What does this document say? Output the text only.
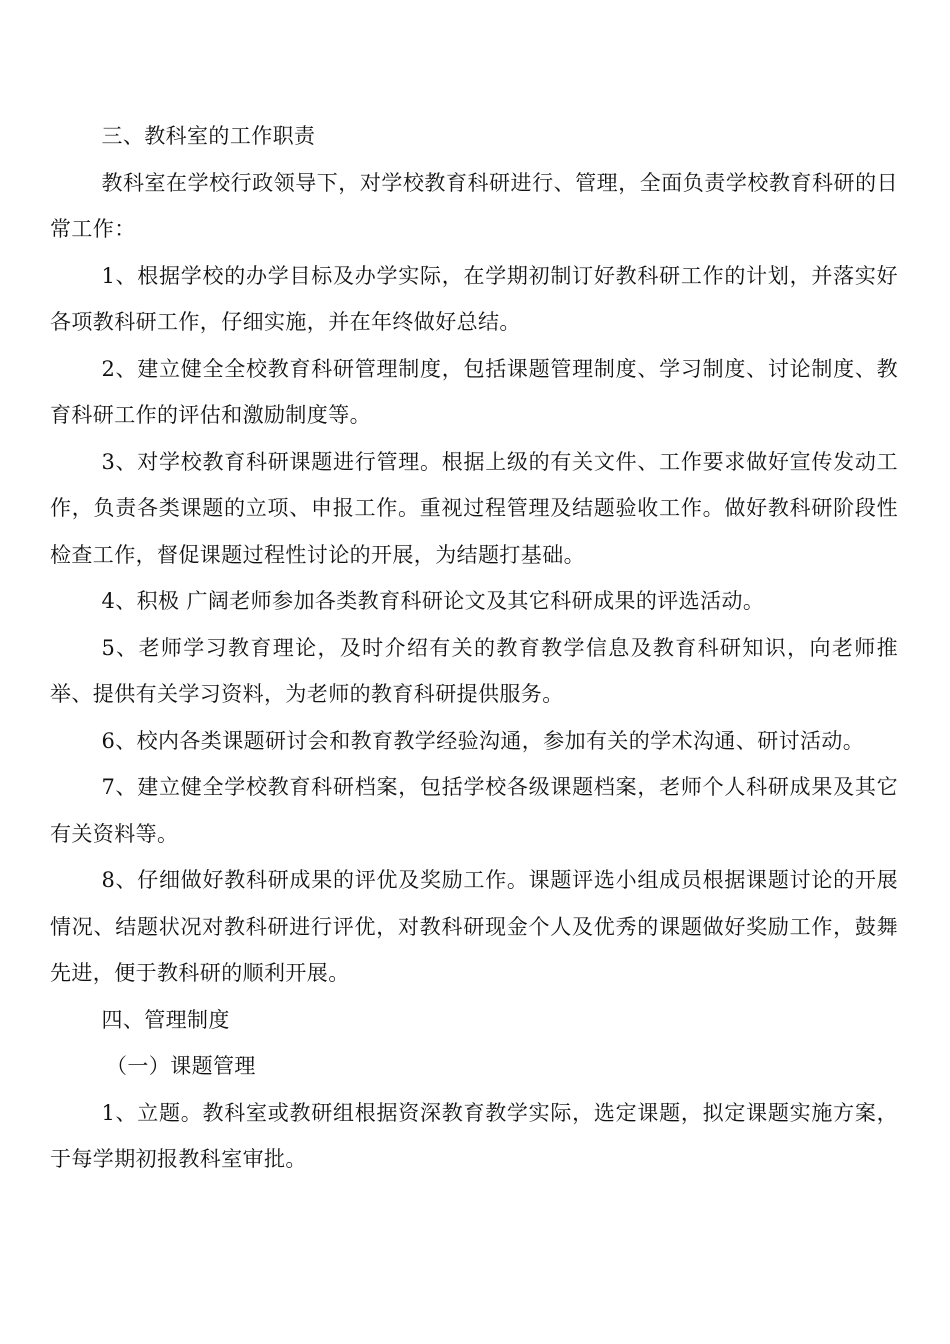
三、教科室的工作职责

教科室在学校行政领导下，对学校教育科研进行、管理，全面负责学校教育科研的日常工作：

1、根据学校的办学目标及办学实际，在学期初制订好教科研工作的计划，并落实好各项教科研工作，仔细实施，并在年终做好总结。

2、建立健全全校教育科研管理制度，包括课题管理制度、学习制度、讨论制度、教育科研工作的评估和激励制度等。

3、对学校教育科研课题进行管理。根据上级的有关文件、工作要求做好宣传发动工作，负责各类课题的立项、申报工作。重视过程管理及结题验收工作。做好教科研阶段性检查工作，督促课题过程性讨论的开展，为结题打基础。

4、积极 广阔老师参加各类教育科研论文及其它科研成果的评选活动。

5、老师学习教育理论，及时介绍有关的教育教学信息及教育科研知识，向老师推举、提供有关学习资料，为老师的教育科研提供服务。

6、校内各类课题研讨会和教育教学经验沟通，参加有关的学术沟通、研讨活动。

7、建立健全学校教育科研档案，包括学校各级课题档案，老师个人科研成果及其它有关资料等。

8、仔细做好教科研成果的评优及奖励工作。课题评选小组成员根据课题讨论的开展情况、结题状况对教科研进行评优，对教科研现金个人及优秀的课题做好奖励工作，鼓舞先进，便于教科研的顺利开展。

四、管理制度

（一）课题管理

1、立题。教科室或教研组根据资深教育教学实际，选定课题，拟定课题实施方案，于每学期初报教科室审批。
